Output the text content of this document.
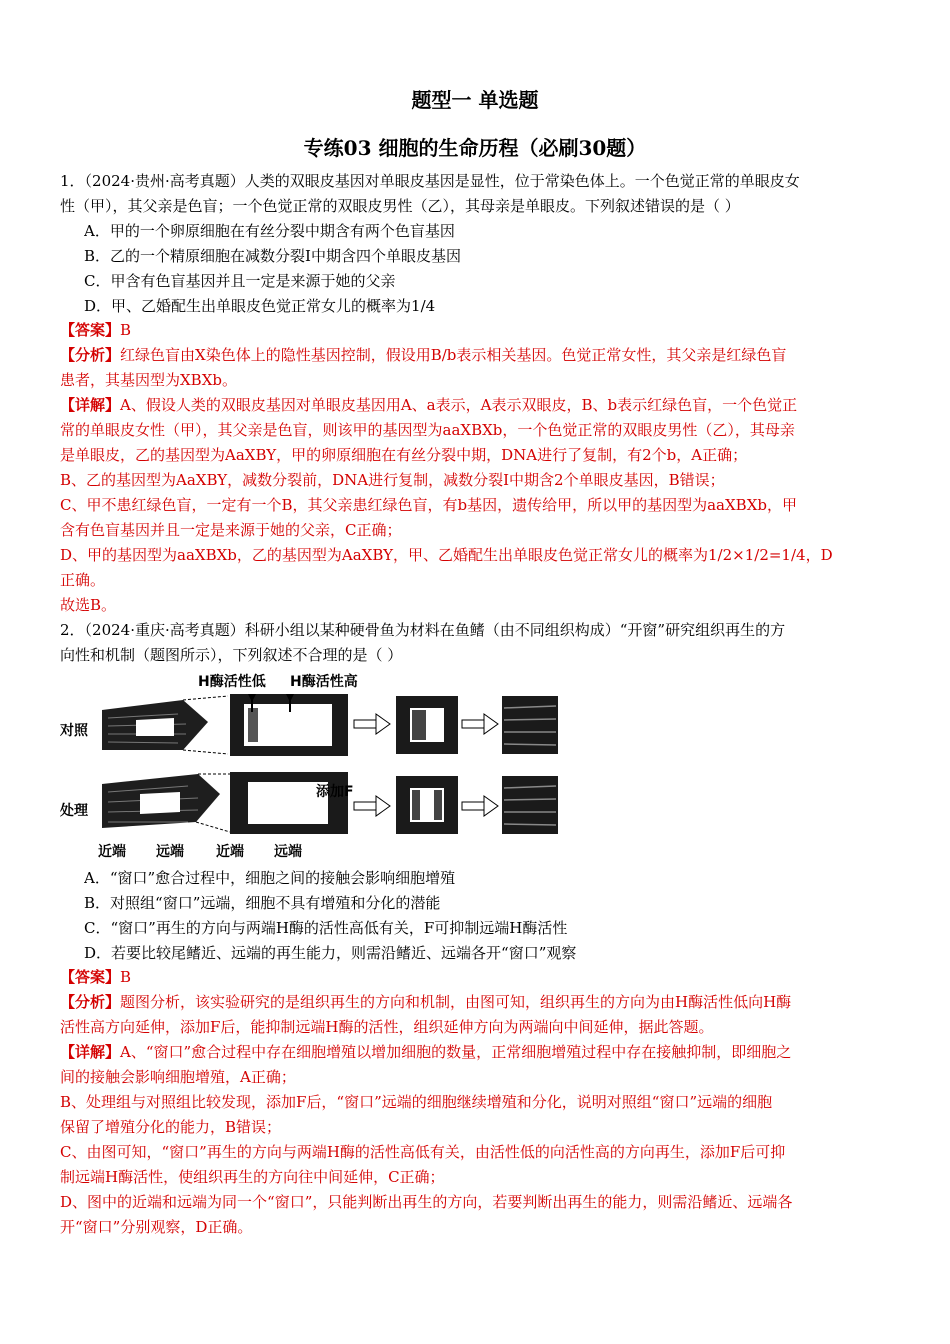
题型一 单选题
专练03 细胞的生命历程（必刷30题）
1．（2024·贵州·高考真题）人类的双眼皮基因对单眼皮基因是显性，位于常染色体上。一个色觉正常的单眼皮女
性（甲），其父亲是色盲；一个色觉正常的双眼皮男性（乙），其母亲是单眼皮。下列叙述错误的是（ ）
A．甲的一个卵原细胞在有丝分裂中期含有两个色盲基因
B．乙的一个精原细胞在减数分裂Ⅰ中期含四个单眼皮基因
C．甲含有色盲基因并且一定是来源于她的父亲
D．甲、乙婚配生出单眼皮色觉正常女儿的概率为1/4
【答案】B
【分析】红绿色盲由X染色体上的隐性基因控制，假设用B/b表示相关基因。色觉正常女性，其父亲是红绿色盲
患者，其基因型为XBXb。
【详解】A、假设人类的双眼皮基因对单眼皮基因用A、a表示，A表示双眼皮，B、b表示红绿色盲，一个色觉正
常的单眼皮女性（甲），其父亲是色盲，则该甲的基因型为aaXBXb，一个色觉正常的双眼皮男性（乙），其母亲
是单眼皮，乙的基因型为AaXBY，甲的卵原细胞在有丝分裂中期，DNA进行了复制，有2个b，A正确；
B、乙的基因型为AaXBY，减数分裂前，DNA进行复制，减数分裂Ⅰ中期含2个单眼皮基因，B错误；
C、甲不患红绿色盲，一定有一个B，其父亲患红绿色盲，有b基因，遗传给甲，所以甲的基因型为aaXBXb，甲
含有色盲基因并且一定是来源于她的父亲，C正确；
D、甲的基因型为aaXBXb，乙的基因型为AaXBY，甲、乙婚配生出单眼皮色觉正常女儿的概率为1/2×1/2=1/4，D
正确。
故选B。
2．（2024·重庆·高考真题）科研小组以某种硬骨鱼为材料在鱼鳍（由不同组织构成）“开窗”研究组织再生的方
向性和机制（题图所示），下列叙述不合理的是（ ）
H酶活性低 H酶活性高
对照
处理
添加F
近端 远端 近端 远端
A．“窗口”愈合过程中，细胞之间的接触会影响细胞增殖
B．对照组“窗口”远端，细胞不具有增殖和分化的潜能
C．“窗口”再生的方向与两端H酶的活性高低有关，F可抑制远端H酶活性
D．若要比较尾鳍近、远端的再生能力，则需沿鳍近、远端各开“窗口”观察
【答案】B
【分析】题图分析，该实验研究的是组织再生的方向和机制，由图可知，组织再生的方向为由H酶活性低向H酶
活性高方向延伸，添加F后，能抑制远端H酶的活性，组织延伸方向为两端向中间延伸，据此答题。
【详解】A、“窗口”愈合过程中存在细胞增殖以增加细胞的数量，正常细胞增殖过程中存在接触抑制，即细胞之
间的接触会影响细胞增殖，A正确；
B、处理组与对照组比较发现，添加F后，“窗口”远端的细胞继续增殖和分化，说明对照组“窗口”远端的细胞
保留了增殖分化的能力，B错误；
C、由图可知，“窗口”再生的方向与两端H酶的活性高低有关，由活性低的向活性高的方向再生，添加F后可抑
制远端H酶活性，使组织再生的方向往中间延伸，C正确；
D、图中的近端和远端为同一个“窗口”，只能判断出再生的方向，若要判断出再生的能力，则需沿鳍近、远端各
开“窗口”分别观察，D正确。
